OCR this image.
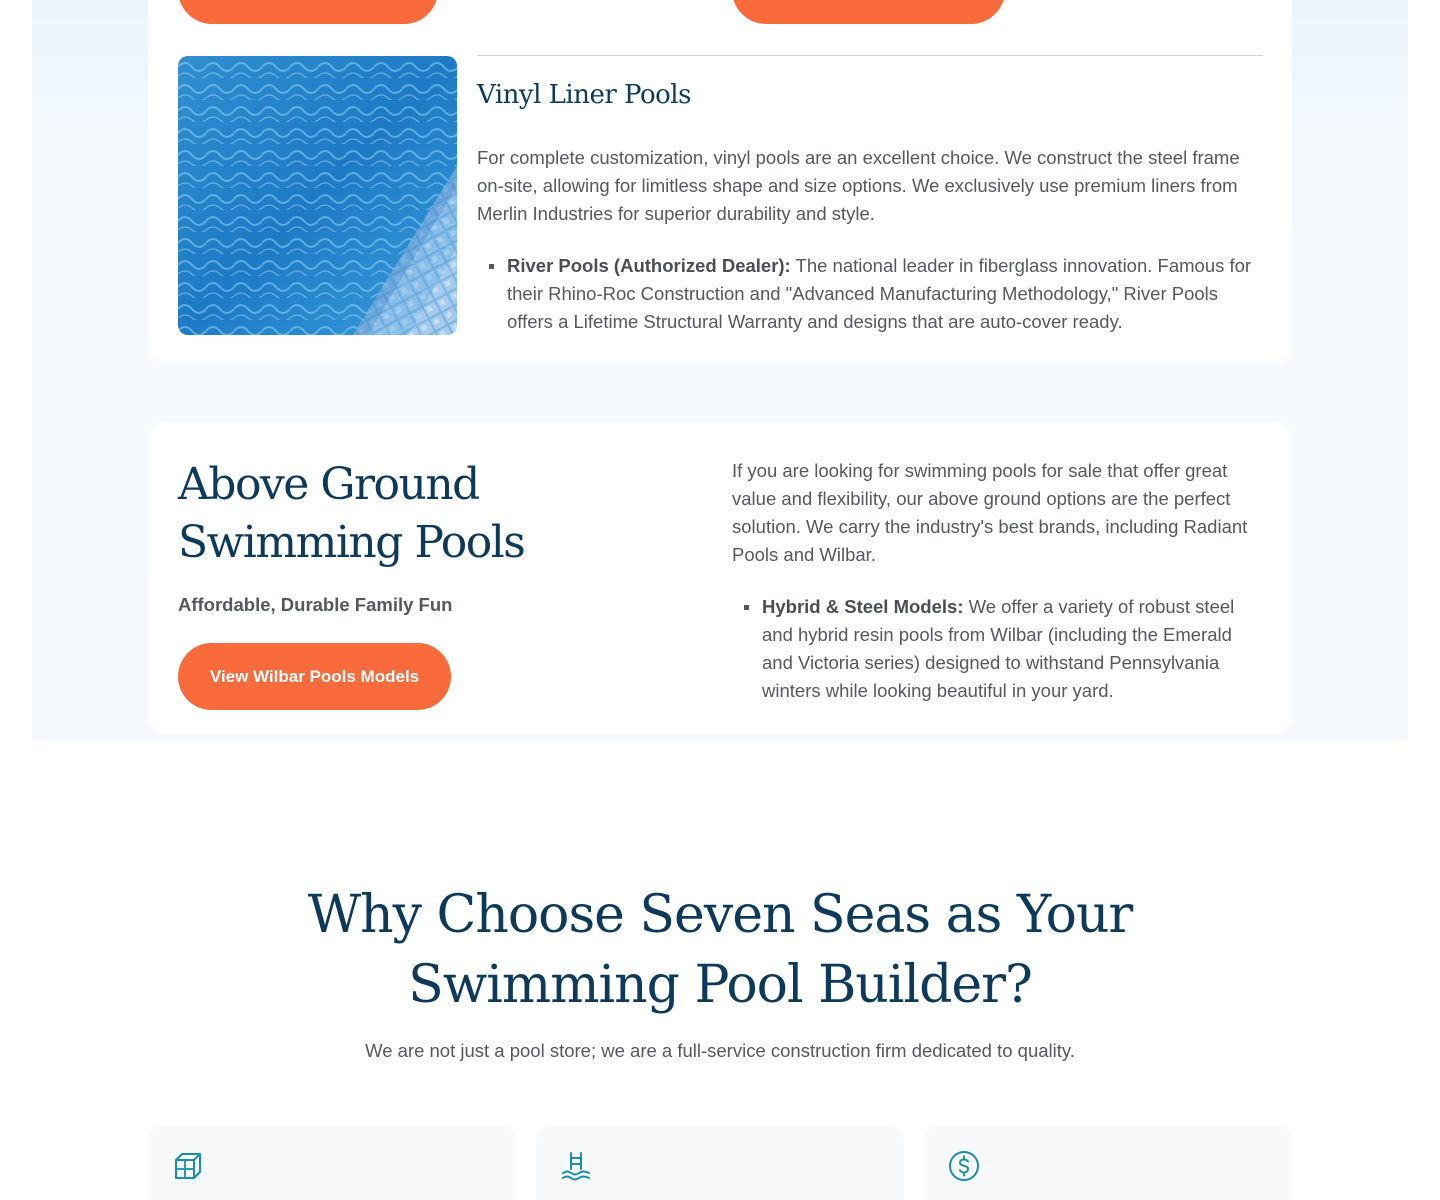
Vinyl Liner Pools

For complete customization, vinyl pools are an excellent choice. We construct the steel frame on-site, allowing for limitless shape and size options. We exclusively use premium liners from Merlin Industries for superior durability and style.

River Pools (Authorized Dealer): The national leader in fiberglass innovation. Famous for their Rhino-Roc Construction and "Advanced Manufacturing Methodology," River Pools offers a Lifetime Structural Warranty and designs that are auto-cover ready.
Above Ground Swimming Pools
Affordable, Durable Family Fun
View Wilbar Pools Models

If you are looking for swimming pools for sale that offer great value and flexibility, our above ground options are the perfect solution. We carry the industry's best brands, including Radiant Pools and Wilbar.

Hybrid & Steel Models: We offer a variety of robust steel and hybrid resin pools from Wilbar (including the Emerald and Victoria series) designed to withstand Pennsylvania winters while looking beautiful in your yard.
Why Choose Seven Seas as Your Swimming Pool Builder?

We are not just a pool store; we are a full-service construction firm dedicated to quality.
